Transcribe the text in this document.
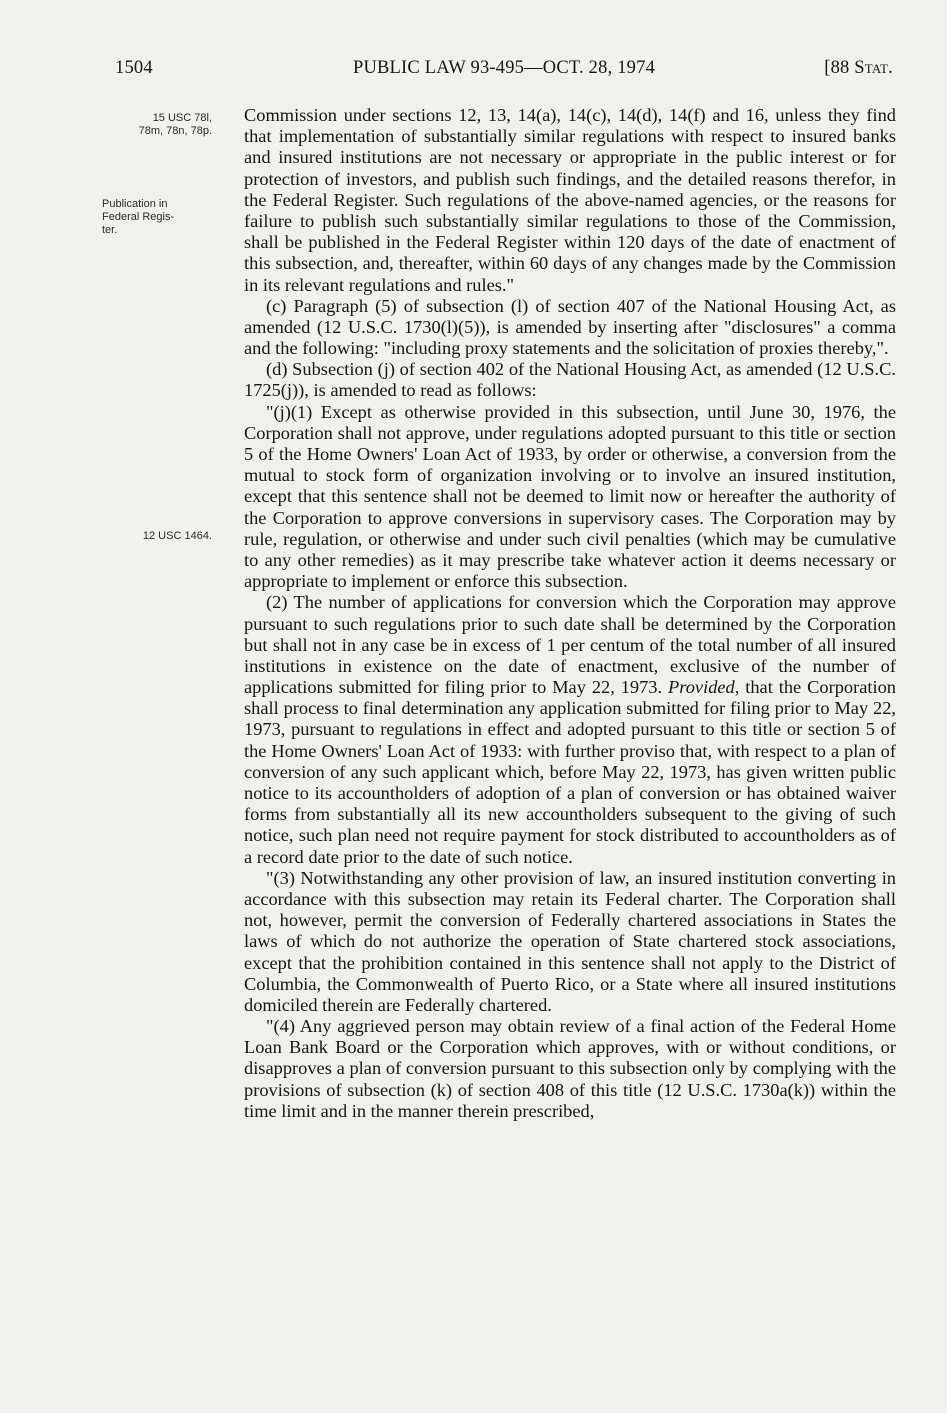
1504	PUBLIC LAW 93-495—OCT. 28, 1974	[88 Stat.
15 USC 78l,
78m, 78n, 78p.
Publication in
Federal Regis-
ter.
12 USC 1464.

Commission under sections 12, 13, 14(a), 14(c), 14(d), 14(f) and 16, unless they find that implementation of substantially similar regulations with respect to insured banks and insured institutions are not necessary or appropriate in the public interest or for protection of investors, and publish such findings, and the detailed reasons therefor, in the Federal Register. Such regulations of the above-named agencies, or the reasons for failure to publish such substantially similar regulations to those of the Commission, shall be published in the Federal Register within 120 days of the date of enactment of this subsection, and, thereafter, within 60 days of any changes made by the Commission in its relevant regulations and rules."

(c) Paragraph (5) of subsection (l) of section 407 of the National Housing Act, as amended (12 U.S.C. 1730(l)(5)), is amended by inserting after "disclosures" a comma and the following: "including proxy statements and the solicitation of proxies thereby,".

(d) Subsection (j) of section 402 of the National Housing Act, as amended (12 U.S.C. 1725(j)), is amended to read as follows:

"(j)(1) Except as otherwise provided in this subsection, until June 30, 1976, the Corporation shall not approve, under regulations adopted pursuant to this title or section 5 of the Home Owners' Loan Act of 1933, by order or otherwise, a conversion from the mutual to stock form of organization involving or to involve an insured institution, except that this sentence shall not be deemed to limit now or hereafter the authority of the Corporation to approve conversions in supervisory cases. The Corporation may by rule, regulation, or otherwise and under such civil penalties (which may be cumulative to any other remedies) as it may prescribe take whatever action it deems necessary or appropriate to implement or enforce this subsection.

(2) The number of applications for conversion which the Corporation may approve pursuant to such regulations prior to such date shall be determined by the Corporation but shall not in any case be in excess of 1 per centum of the total number of all insured institutions in existence on the date of enactment, exclusive of the number of applications submitted for filing prior to May 22, 1973. Provided, that the Corporation shall process to final determination any application submitted for filing prior to May 22, 1973, pursuant to regulations in effect and adopted pursuant to this title or section 5 of the Home Owners' Loan Act of 1933: with further proviso that, with respect to a plan of conversion of any such applicant which, before May 22, 1973, has given written public notice to its accountholders of adoption of a plan of conversion or has obtained waiver forms from substantially all its new accountholders subsequent to the giving of such notice, such plan need not require payment for stock distributed to accountholders as of a record date prior to the date of such notice.

"(3) Notwithstanding any other provision of law, an insured institution converting in accordance with this subsection may retain its Federal charter. The Corporation shall not, however, permit the conversion of Federally chartered associations in States the laws of which do not authorize the operation of State chartered stock associations, except that the prohibition contained in this sentence shall not apply to the District of Columbia, the Commonwealth of Puerto Rico, or a State where all insured institutions domiciled therein are Federally chartered.

"(4) Any aggrieved person may obtain review of a final action of the Federal Home Loan Bank Board or the Corporation which approves, with or without conditions, or disapproves a plan of conversion pursuant to this subsection only by complying with the provisions of subsection (k) of section 408 of this title (12 U.S.C. 1730a(k)) within the time limit and in the manner therein prescribed,
